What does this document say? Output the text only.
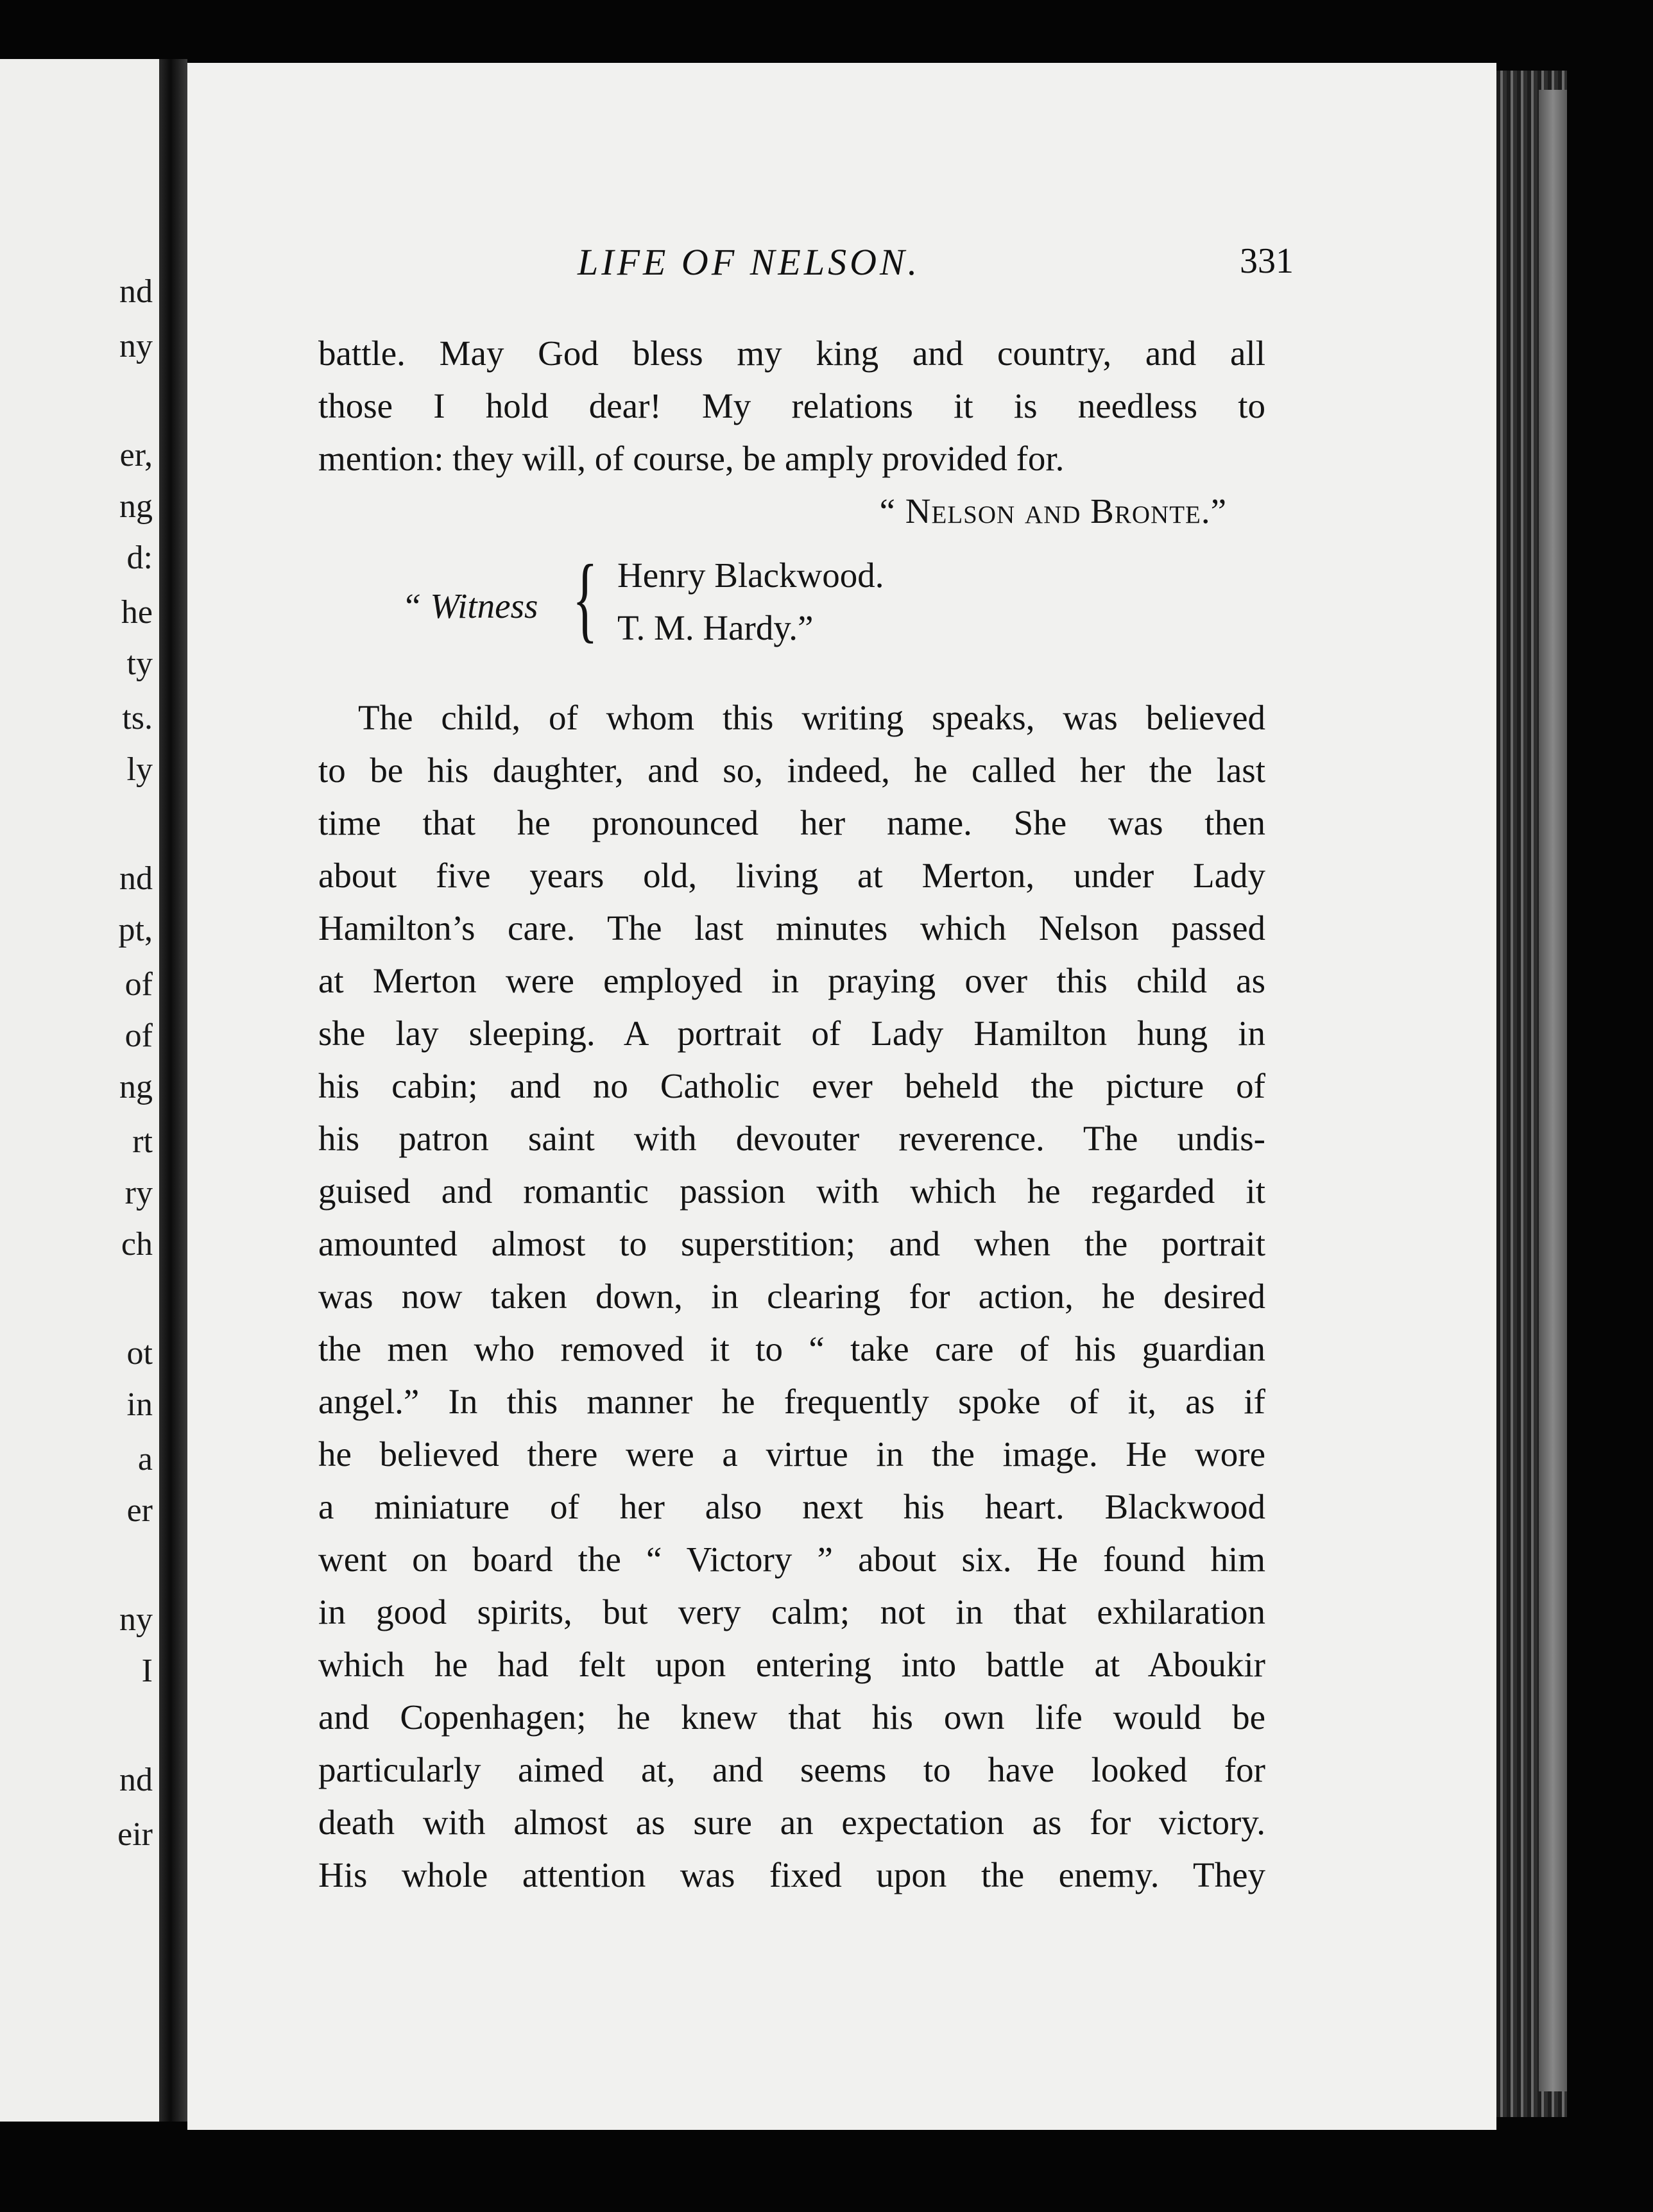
nd
ny
er,
ng
d:
he
ty
ts.
ly
nd
pt,
of
of
ng
rt
ry
ch
ot
in
a
er
ny
I
nd
eir
LIFE OF NELSON.	331

battle. May God bless my king and country, and all

those I hold dear! My relations it is needless to

mention: they will, of course, be amply provided for.

“ Nelson and Bronte.”

“ Witness { Henry Blackwood.
T. M. Hardy.”

The child, of whom this writing speaks, was believed

to be his daughter, and so, indeed, he called her the last

time that he pronounced her name. She was then

about five years old, living at Merton, under Lady

Hamilton’s care. The last minutes which Nelson passed

at Merton were employed in praying over this child as

she lay sleeping. A portrait of Lady Hamilton hung in

his cabin; and no Catholic ever beheld the picture of

his patron saint with devouter reverence. The undis-

guised and romantic passion with which he regarded it

amounted almost to superstition; and when the portrait

was now taken down, in clearing for action, he desired

the men who removed it to “ take care of his guardian

angel.” In this manner he frequently spoke of it, as if

he believed there were a virtue in the image. He wore

a miniature of her also next his heart. Blackwood

went on board the “ Victory ” about six. He found him

in good spirits, but very calm; not in that exhilaration

which he had felt upon entering into battle at Aboukir

and Copenhagen; he knew that his own life would be

particularly aimed at, and seems to have looked for

death with almost as sure an expectation as for victory.

His whole attention was fixed upon the enemy. They
